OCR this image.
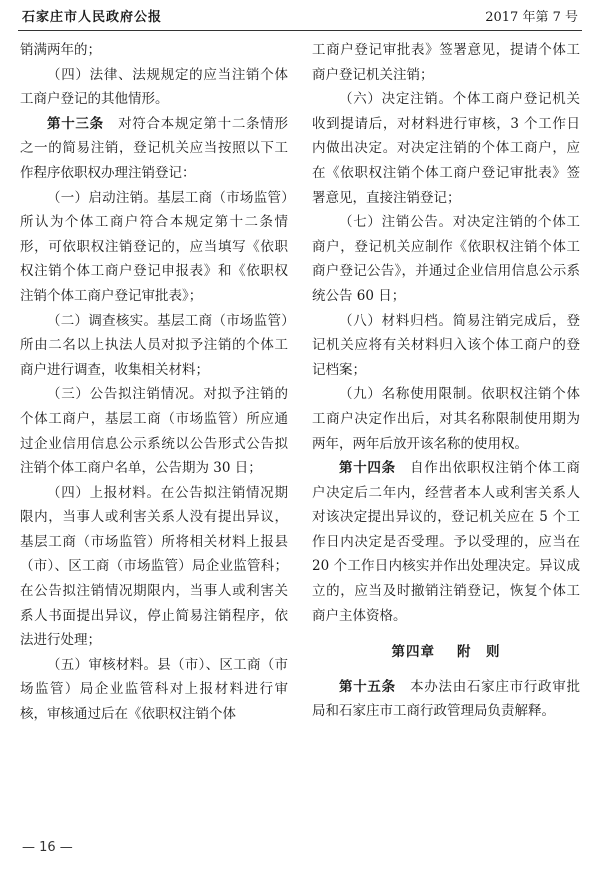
石家庄市人民政府公报	2017 年第 7 号

销满两年的；

（四）法律、法规规定的应当注销个体工商户登记的其他情形。

第十三条　 对符合本规定第十二条情形之一的简易注销，登记机关应当按照以下工作程序依职权办理注销登记：

（一）启动注销。基层工商（市场监管）所认为个体工商户符合本规定第十二条情形，可依职权注销登记的，应当填写《依职权注销个体工商户登记申报表》和《依职权注销个体工商户登记审批表》；

（二）调查核实。基层工商（市场监管）所由二名以上执法人员对拟予注销的个体工商户进行调查，收集相关材料；

（三）公告拟注销情况。对拟予注销的个体工商户，基层工商（市场监管）所应通过企业信用信息公示系统以公告形式公告拟注销个体工商户名单，公告期为 30 日；

（四）上报材料。在公告拟注销情况期限内，当事人或利害关系人没有提出异议，基层工商（市场监管）所将相关材料上报县（市）、区工商（市场监管）局企业监管科；在公告拟注销情况期限内，当事人或利害关系人书面提出异议，停止简易注销程序，依法进行处理；

（五）审核材料。县（市）、区工商（市场监管）局企业监管科对上报材料进行审核，审核通过后在《依职权注销个体

工商户登记审批表》签署意见，提请个体工商户登记机关注销；

（六）决定注销。个体工商户登记机关收到提请后，对材料进行审核，3 个工作日内做出决定。对决定注销的个体工商户，应在《依职权注销个体工商户登记审批表》签署意见，直接注销登记；

（七）注销公告。对决定注销的个体工商户，登记机关应制作《依职权注销个体工商户登记公告》，并通过企业信用信息公示系统公告 60 日；

（八）材料归档。简易注销完成后，登记机关应将有关材料归入该个体工商户的登记档案；

（九）名称使用限制。依职权注销个体工商户决定作出后，对其名称限制使用期为两年，两年后放开该名称的使用权。

第十四条　 自作出依职权注销个体工商户决定后二年内，经营者本人或利害关系人对该决定提出异议的，登记机关应在 5 个工作日内决定是否受理。予以受理的，应当在 20 个工作日内核实并作出处理决定。异议成立的，应当及时撤销注销登记，恢复个体工商户主体资格。

第四章 附　则

第十五条　 本办法由石家庄市行政审批局和石家庄市工商行政管理局负责解释。

— 16 —
